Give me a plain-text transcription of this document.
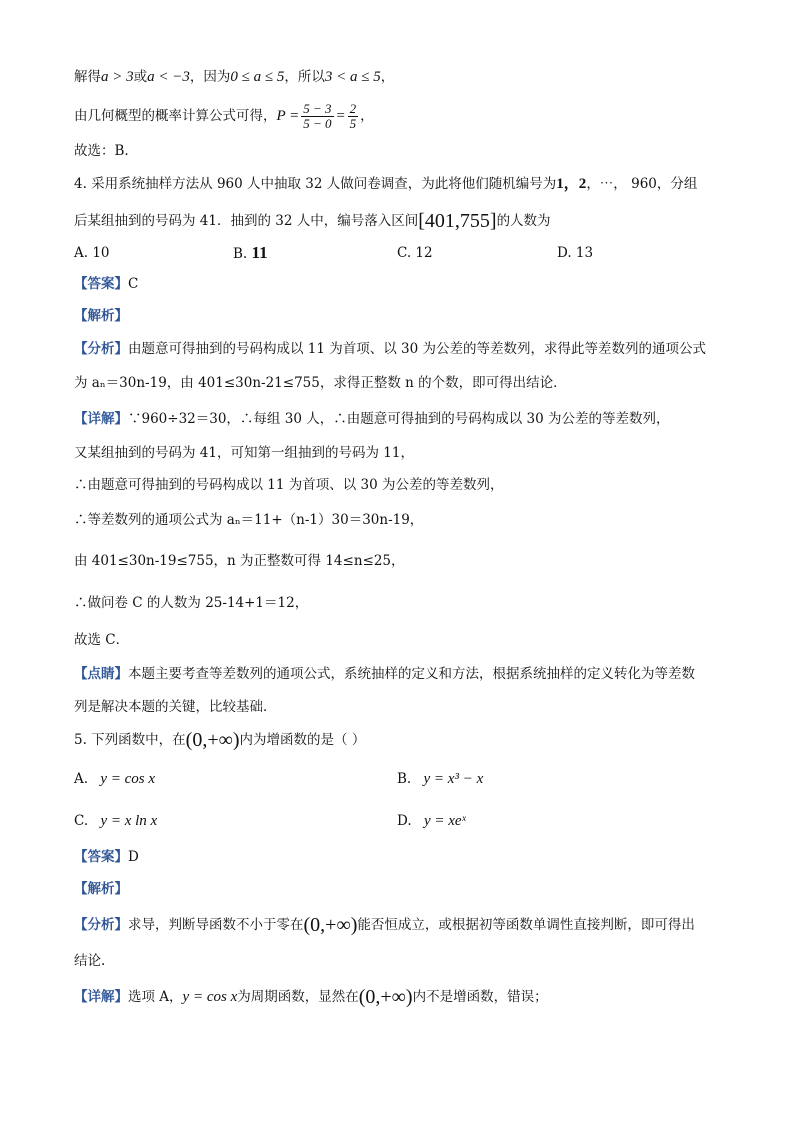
解得a > 3或a < −3，因为0 ≤ a ≤ 5，所以3 < a ≤ 5，
由几何概型的概率计算公式可得，$P = \frac{5 - 3}{5 - 0} = \frac{2}{5}$ ，
故选：B.
4. 采用系统抽样方法从 960 人中抽取 32 人做问卷调查，为此将他们随机编号为1，2，⋯， 960，分组
后某组抽到的号码为 41．抽到的 32 人中，编号落入区间[401,755]的人数为
A. 10	B. 11	C. 12	D. 13
【答案】C
【解析】
【分析】由题意可得抽到的号码构成以 11 为首项、以 30 为公差的等差数列，求得此等差数列的通项公式
为 aₙ＝30n-19，由 401≤30n-21≤755，求得正整数 n 的个数，即可得出结论．
【详解】∵960÷32＝30，∴每组 30 人，∴由题意可得抽到的号码构成以 30 为公差的等差数列，
又某组抽到的号码为 41，可知第一组抽到的号码为 11，
∴由题意可得抽到的号码构成以 11 为首项、以 30 为公差的等差数列，
∴等差数列的通项公式为 aₙ＝11+（n-1）30＝30n-19，
由 401≤30n-19≤755，n 为正整数可得 14≤n≤25，
∴做问卷 C 的人数为 25-14+1＝12，
故选 C．
【点睛】本题主要考查等差数列的通项公式，系统抽样的定义和方法，根据系统抽样的定义转化为等差数
列是解决本题的关键，比较基础．
5. 下列函数中，在(0,+∞)内为增函数的是（ ）
A. y = cos x	B. y = x³ − x
C. y = x ln x	D. y = xeˣ
【答案】D
【解析】
【分析】求导，判断导函数不小于零在(0,+∞)能否恒成立，或根据初等函数单调性直接判断，即可得出
结论.
【详解】选项 A，y = cos x为周期函数，显然在(0,+∞)内不是增函数，错误；
